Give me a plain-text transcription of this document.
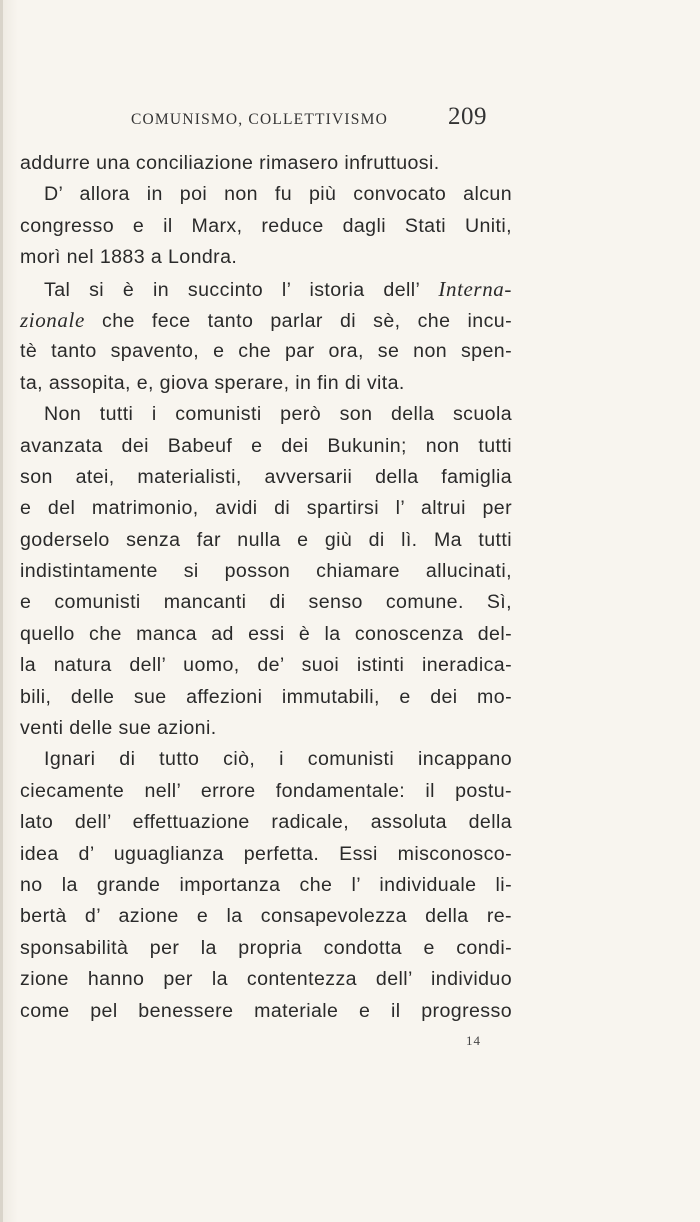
COMUNISMO, COLLETTIVISMO 209
addurre una conciliazione rimasero infruttuosi.
D’ allora in poi non fu più convocato alcun
congresso e il Marx, reduce dagli Stati Uniti,
morì nel 1883 a Londra.
Tal si è in succinto l’ istoria dell’ Interna-
zionale che fece tanto parlar di sè, che incu-
tè tanto spavento, e che par ora, se non spen-
ta, assopita, e, giova sperare, in fin di vita.
Non tutti i comunisti però son della scuola
avanzata dei Babeuf e dei Bukunin; non tutti
son atei, materialisti, avversarii della famiglia
e del matrimonio, avidi di spartirsi l’ altrui per
goderselo senza far nulla e giù di lì. Ma tutti
indistintamente si posson chiamare allucinati,
e comunisti mancanti di senso comune. Sì,
quello che manca ad essi è la conoscenza del-
la natura dell’ uomo, de’ suoi istinti ineradica-
bili, delle sue affezioni immutabili, e dei mo-
venti delle sue azioni.
Ignari di tutto ciò, i comunisti incappano
ciecamente nell’ errore fondamentale: il postu-
lato dell’ effettuazione radicale, assoluta della
idea d’ uguaglianza perfetta. Essi misconosco-
no la grande importanza che l’ individuale li-
bertà d’ azione e la consapevolezza della re-
sponsabilità per la propria condotta e condi-
zione hanno per la contentezza dell’ individuo
come pel benessere materiale e il progresso
14
